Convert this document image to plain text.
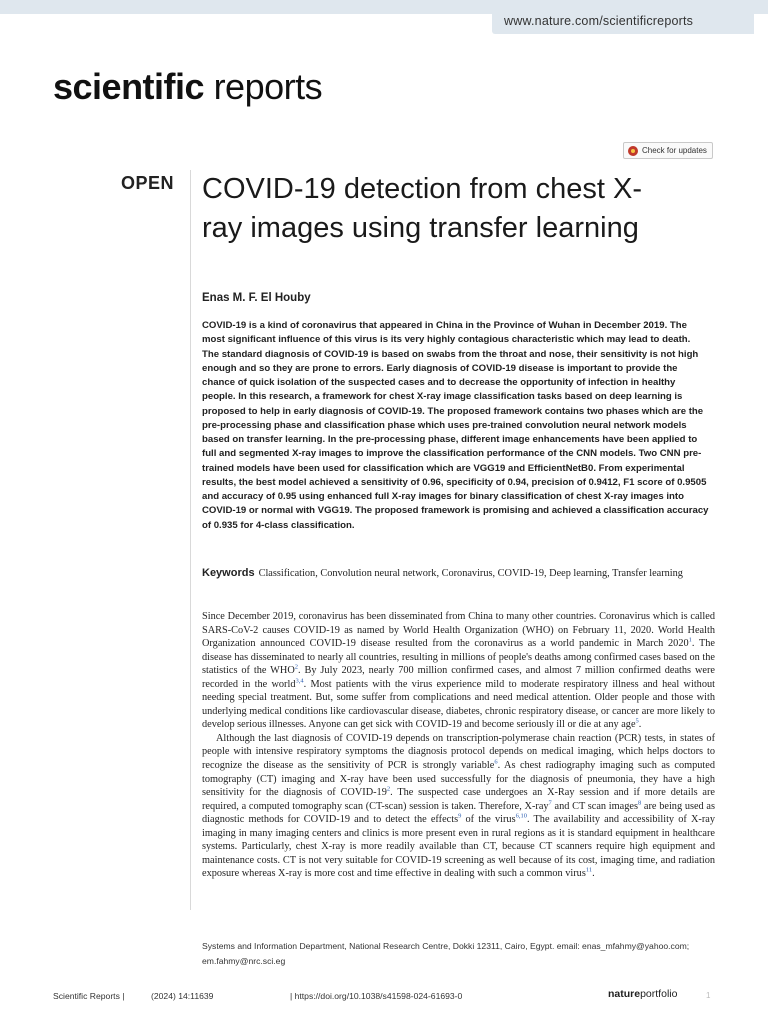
www.nature.com/scientificreports
scientific reports
Check for updates
OPEN COVID-19 detection from chest X-ray images using transfer learning
Enas M. F. El Houby

COVID-19 is a kind of coronavirus that appeared in China in the Province of Wuhan in December 2019. The most significant influence of this virus is its very highly contagious characteristic which may lead to death. The standard diagnosis of COVID-19 is based on swabs from the throat and nose, their sensitivity is not high enough and so they are prone to errors. Early diagnosis of COVID-19 disease is important to provide the chance of quick isolation of the suspected cases and to decrease the opportunity of infection in healthy people. In this research, a framework for chest X-ray image classification tasks based on deep learning is proposed to help in early diagnosis of COVID-19. The proposed framework contains two phases which are the pre-processing phase and classification phase which uses pre-trained convolution neural network models based on transfer learning. In the pre-processing phase, different image enhancements have been applied to full and segmented X-ray images to improve the classification performance of the CNN models. Two CNN pre-trained models have been used for classification which are VGG19 and EfficientNetB0. From experimental results, the best model achieved a sensitivity of 0.96, specificity of 0.94, precision of 0.9412, F1 score of 0.9505 and accuracy of 0.95 using enhanced full X-ray images for binary classification of chest X-ray images into COVID-19 or normal with VGG19. The proposed framework is promising and achieved a classification accuracy of 0.935 for 4-class classification.

Keywords Classification, Convolution neural network, Coronavirus, COVID-19, Deep learning, Transfer learning

Since December 2019, coronavirus has been disseminated from China to many other countries. Coronavirus which is called SARS-CoV-2 causes COVID-19 as named by World Health Organization (WHO) on February 11, 2020. World Health Organization announced COVID-19 disease resulted from the coronavirus as a world pandemic in March 2020$^1$. The disease has disseminated to nearly all countries, resulting in millions of people's deaths among confirmed cases based on the statistics of the WHO$^2$. By July 2023, nearly 700 million confirmed cases, and almost 7 million confirmed deaths were recorded in the world$^{3,4}$. Most patients with the virus experience mild to moderate respiratory illness and heal without needing special treatment. But, some suffer from complications and need medical attention. Older people and those with underlying medical conditions like cardiovascular disease, diabetes, chronic respiratory disease, or cancer are more likely to develop serious illnesses. Anyone can get sick with COVID-19 and become seriously ill or die at any age$^5$.

Although the last diagnosis of COVID-19 depends on transcription-polymerase chain reaction (PCR) tests, in states of people with intensive respiratory symptoms the diagnosis protocol depends on medical imaging, which helps doctors to recognize the disease as the sensitivity of PCR is strongly variable$^6$. As chest radiography imaging such as computed tomography (CT) imaging and X-ray have been used successfully for the diagnosis of pneumonia, they have a high sensitivity for the diagnosis of COVID-$19^2$. The suspected case undergoes an X-Ray session and if more details are required, a computed tomography scan (CT-scan) session is taken. Therefore, X-ray$^7$ and CT scan images$^8$ are being used as diagnostic methods for COVID-19 and to detect the effects$^9$ of the virus$^{6,10}$. The availability and accessibility of X-ray imaging in many imaging centers and clinics is more present even in rural regions as it is standard equipment in healthcare systems. Particularly, chest X-ray is more readily available than CT, because CT scanners require high equipment and maintenance costs. CT is not very suitable for COVID-19 screening as well because of its cost, imaging time, and radiation exposure whereas X-ray is more cost and time effective in dealing with such a common virus$^{11}$.

Systems and Information Department, National Research Centre, Dokki 12311, Cairo, Egypt. email: enas_mfahmy@yahoo.com; em.fahmy@nrc.sci.eg
Scientific Reports |	(2024) 14:11639	| https://doi.org/10.1038/s41598-024-61693-0	natureportfolio	1
